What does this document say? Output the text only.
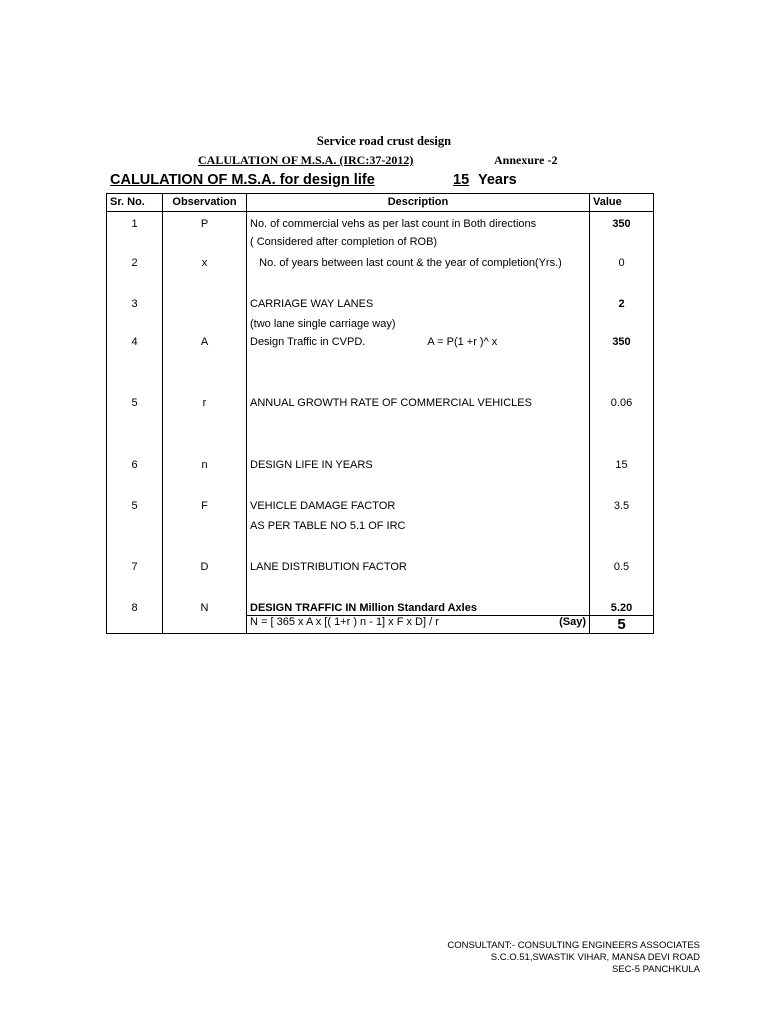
Service road crust design
CALULATION OF M.S.A. (IRC:37-2012)	Annexure -2
CALULATION OF M.S.A. for design life	15 Years
Sr. No.	Observation	Description	Value
1	P	No. of commercial vehs as per last count in Both directions	350
		( Considered after completion of ROB)	
2	x	No. of years between last count & the year of completion(Yrs.)	0
3		CARRIAGE WAY LANES	2
		(two lane single carriage way)	
4	A	Design Traffic in CVPD. A = P(1 +r )^ x	350
5	r	ANNUAL GROWTH RATE OF COMMERCIAL VEHICLES	0.06
6	n	DESIGN LIFE IN YEARS	15
5	F	VEHICLE DAMAGE FACTOR	3.5
		AS PER TABLE NO 5.1 OF IRC	
7	D	LANE DISTRIBUTION FACTOR	0.5
8	N	DESIGN TRAFFIC IN Million Standard Axles	5.20
		N = [ 365 x A x [( 1+r ) n - 1] x F x D] / r (Say)	5
CONSULTANT:- CONSULTING ENGINEERS ASSOCIATES
S.C.O.51,SWASTIK VIHAR, MANSA DEVI ROAD
SEC-5 PANCHKULA
